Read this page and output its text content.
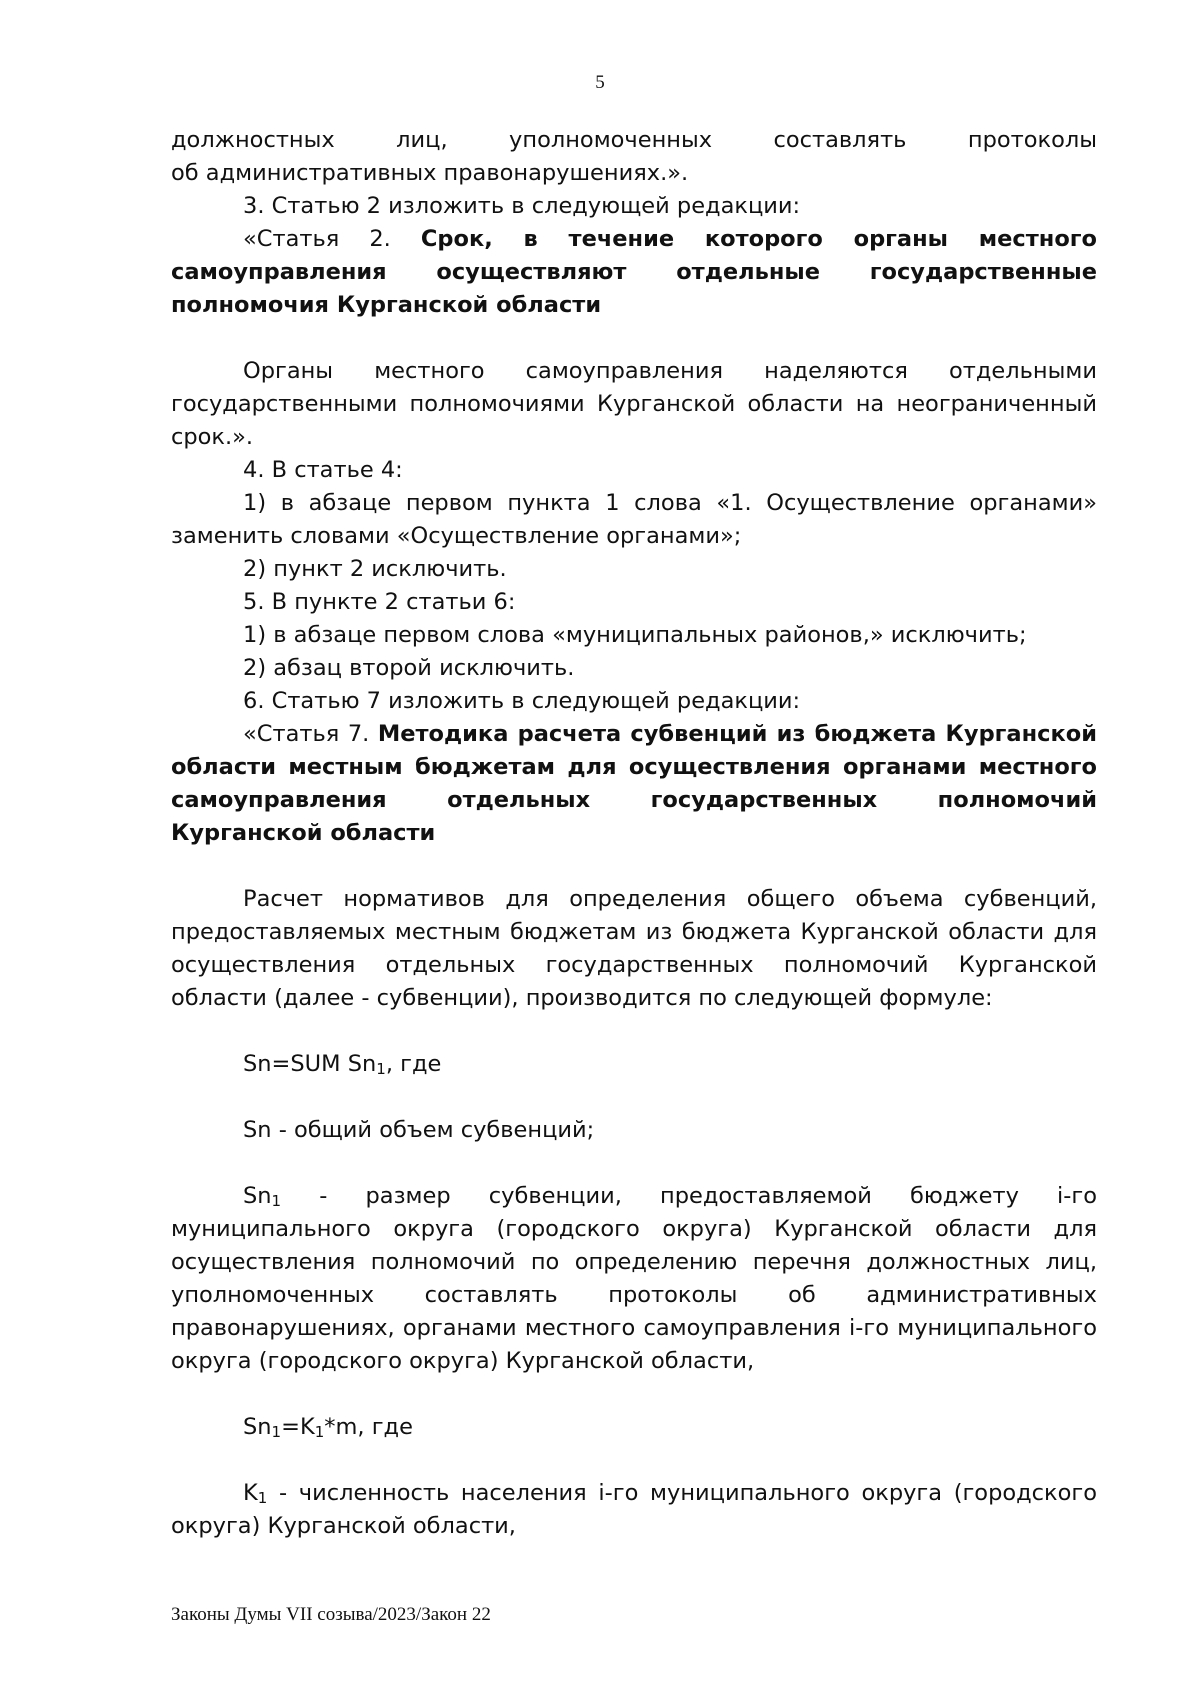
5

должностных лиц, уполномоченных составлять протоколы

об административных правонарушениях.».

3. Статью 2 изложить в следующей редакции:

«Статья 2. Срок, в течение которого органы местного самоуправления осуществляют отдельные государственные полномочия Курганской области

Органы местного самоуправления наделяются отдельными государственными полномочиями Курганской области на неограниченный срок.».

4. В статье 4:

1) в абзаце первом пункта 1 слова «1. Осуществление органами» заменить словами «Осуществление органами»;

2) пункт 2 исключить.

5. В пункте 2 статьи 6:

1) в абзаце первом слова «муниципальных районов,» исключить;

2) абзац второй исключить.

6. Статью 7 изложить в следующей редакции:

«Статья 7. Методика расчета субвенций из бюджета Курганской области местным бюджетам для осуществления органами местного самоуправления отдельных государственных полномочий Курганской области

Расчет нормативов для определения общего объема субвенций, предоставляемых местным бюджетам из бюджета Курганской области для осуществления отдельных государственных полномочий Курганской области (далее - субвенции), производится по следующей формуле:

Sn=SUM $Sn_1$, где

Sn - общий объем субвенций;

$Sn_1$ - размер субвенции, предоставляемой бюджету i-го муниципального округа (городского округа) Курганской области для осуществления полномочий по определению перечня должностных лиц, уполномоченных составлять протоколы об административных правонарушениях, органами местного самоуправления i-го муниципального округа (городского округа) Курганской области,

$Sn_1=K_1*m$, где

$K_1$ - численность населения i-го муниципального округа (городского округа) Курганской области,

Законы Думы VII созыва/2023/Закон 22
